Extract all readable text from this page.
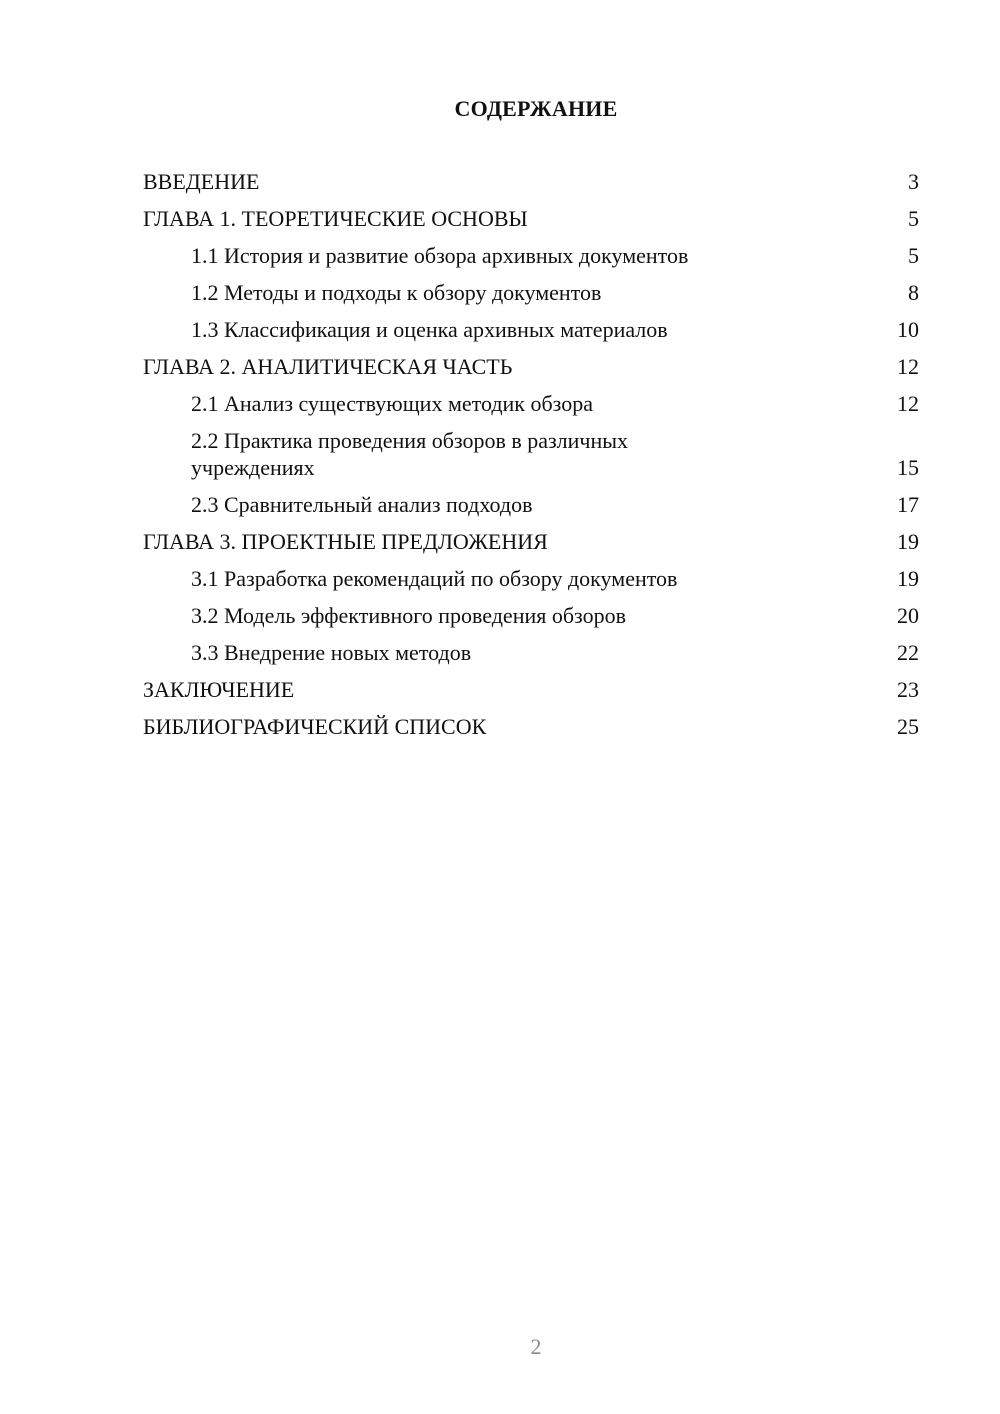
СОДЕРЖАНИЕ
ВВЕДЕНИЕ	3
ГЛАВА 1. ТЕОРЕТИЧЕСКИЕ ОСНОВЫ	5
1.1 История и развитие обзора архивных документов	5
1.2 Методы и подходы к обзору документов	8
1.3 Классификация и оценка архивных материалов	10
ГЛАВА 2. АНАЛИТИЧЕСКАЯ ЧАСТЬ	12
2.1 Анализ существующих методик обзора	12
2.2 Практика проведения обзоров в различных учреждениях	15
2.3 Сравнительный анализ подходов	17
ГЛАВА 3. ПРОЕКТНЫЕ ПРЕДЛОЖЕНИЯ	19
3.1 Разработка рекомендаций по обзору документов	19
3.2 Модель эффективного проведения обзоров	20
3.3 Внедрение новых методов	22
ЗАКЛЮЧЕНИЕ	23
БИБЛИОГРАФИЧЕСКИЙ СПИСОК	25
2
